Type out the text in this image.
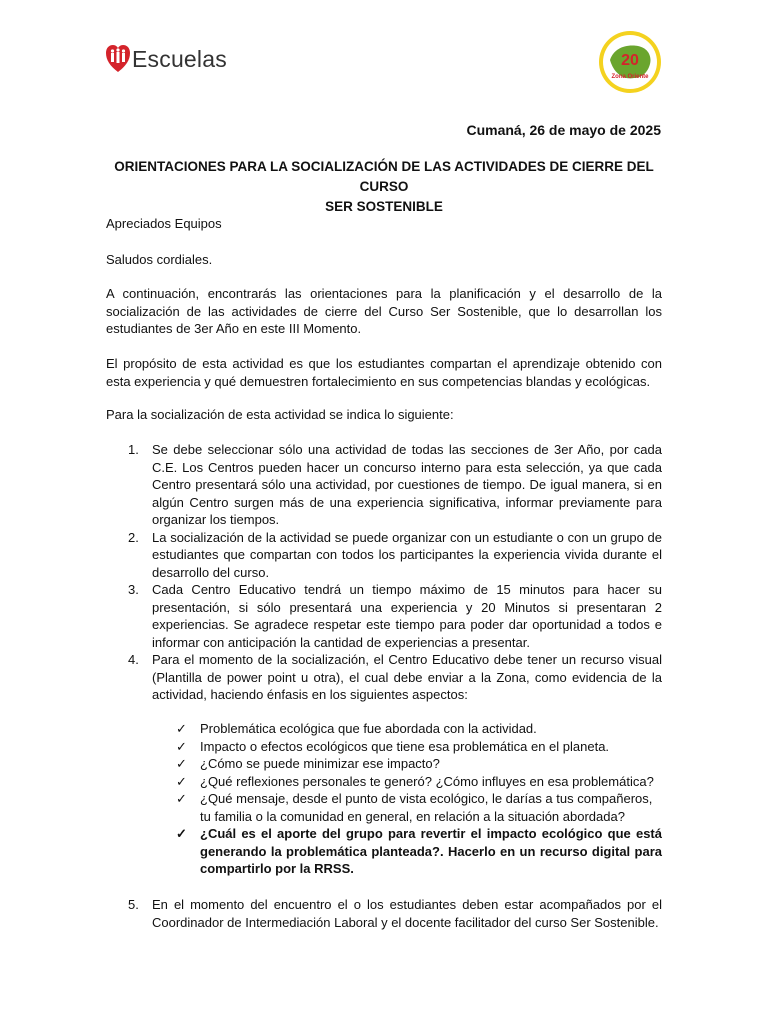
Escuelas	20
Zona Oriente
Cumaná, 26 de mayo de 2025
ORIENTACIONES PARA LA SOCIALIZACIÓN DE LAS ACTIVIDADES DE CIERRE DEL CURSO
SER SOSTENIBLE
Apreciados Equipos
Saludos cordiales.
A continuación, encontrarás las orientaciones para la planificación y el desarrollo de la socialización de las actividades de cierre del Curso Ser Sostenible, que lo desarrollan los estudiantes de 3er Año en este III Momento.
El propósito de esta actividad es que los estudiantes compartan el aprendizaje obtenido con esta experiencia y qué demuestren fortalecimiento en sus competencias blandas y ecológicas.
Para la socialización de esta actividad se indica lo siguiente:
1. Se debe seleccionar sólo una actividad de todas las secciones de 3er Año, por cada C.E. Los Centros pueden hacer un concurso interno para esta selección, ya que cada Centro presentará sólo una actividad, por cuestiones de tiempo. De igual manera, si en algún Centro surgen más de una experiencia significativa, informar previamente para organizar los tiempos.
2. La socialización de la actividad se puede organizar con un estudiante o con un grupo de estudiantes que compartan con todos los participantes la experiencia vivida durante el desarrollo del curso.
3. Cada Centro Educativo tendrá un tiempo máximo de 15 minutos para hacer su presentación, si sólo presentará una experiencia y 20 Minutos si presentaran 2 experiencias. Se agradece respetar este tiempo para poder dar oportunidad a todos e informar con anticipación la cantidad de experiencias a presentar.
4. Para el momento de la socialización, el Centro Educativo debe tener un recurso visual (Plantilla de power point u otra), el cual debe enviar a la Zona, como evidencia de la actividad, haciendo énfasis en los siguientes aspectos:
✓ Problemática ecológica que fue abordada con la actividad.
✓ Impacto o efectos ecológicos que tiene esa problemática en el planeta.
✓ ¿Cómo se puede minimizar ese impacto?
✓ ¿Qué reflexiones personales te generó? ¿Cómo influyes en esa problemática?
✓ ¿Qué mensaje, desde el punto de vista ecológico, le darías a tus compañeros, tu familia o la comunidad en general, en relación a la situación abordada?
✓ ¿Cuál es el aporte del grupo para revertir el impacto ecológico que está generando la problemática planteada?. Hacerlo en un recurso digital para compartirlo por la RRSS.
5. En el momento del encuentro el o los estudiantes deben estar acompañados por el Coordinador de Intermediación Laboral y el docente facilitador del curso Ser Sostenible.
